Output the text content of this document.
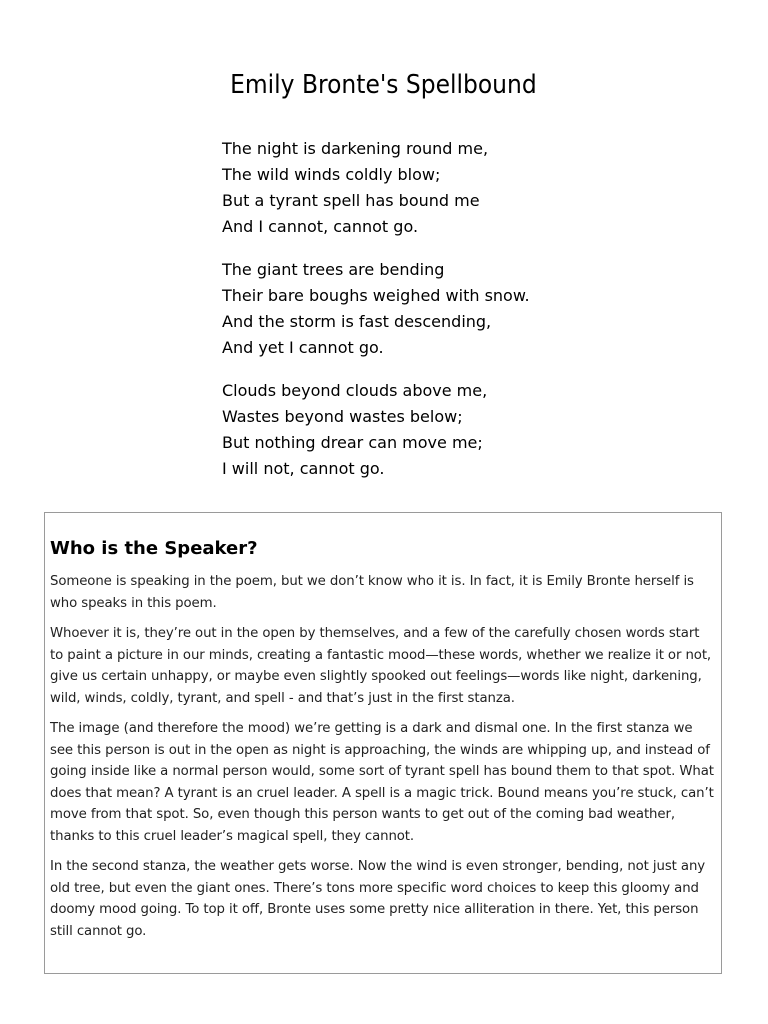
Emily Bronte's Spellbound
The night is darkening round me,
The wild winds coldly blow;
But a tyrant spell has bound me
And I cannot, cannot go.
The giant trees are bending
Their bare boughs weighed with snow.
And the storm is fast descending,
And yet I cannot go.
Clouds beyond clouds above me,
Wastes beyond wastes below;
But nothing drear can move me;
I will not, cannot go.
Who is the Speaker?

Someone is speaking in the poem, but we don’t know who it is. In fact, it is Emily Bronte herself is who speaks in this poem.

Whoever it is, they’re out in the open by themselves, and a few of the carefully chosen words start to paint a picture in our minds, creating a fantastic mood—these words, whether we realize it or not, give us certain unhappy, or maybe even slightly spooked out feelings—words like night, darkening, wild, winds, coldly, tyrant, and spell - and that’s just in the first stanza.

The image (and therefore the mood) we’re getting is a dark and dismal one. In the first stanza we see this person is out in the open as night is approaching, the winds are whipping up, and instead of going inside like a normal person would, some sort of tyrant spell has bound them to that spot. What does that mean? A tyrant is an cruel leader. A spell is a magic trick. Bound means you’re stuck, can’t move from that spot. So, even though this person wants to get out of the coming bad weather, thanks to this cruel leader’s magical spell, they cannot.

In the second stanza, the weather gets worse. Now the wind is even stronger, bending, not just any old tree, but even the giant ones. There’s tons more specific word choices to keep this gloomy and doomy mood going. To top it off, Bronte uses some pretty nice alliteration in there. Yet, this person still cannot go.
